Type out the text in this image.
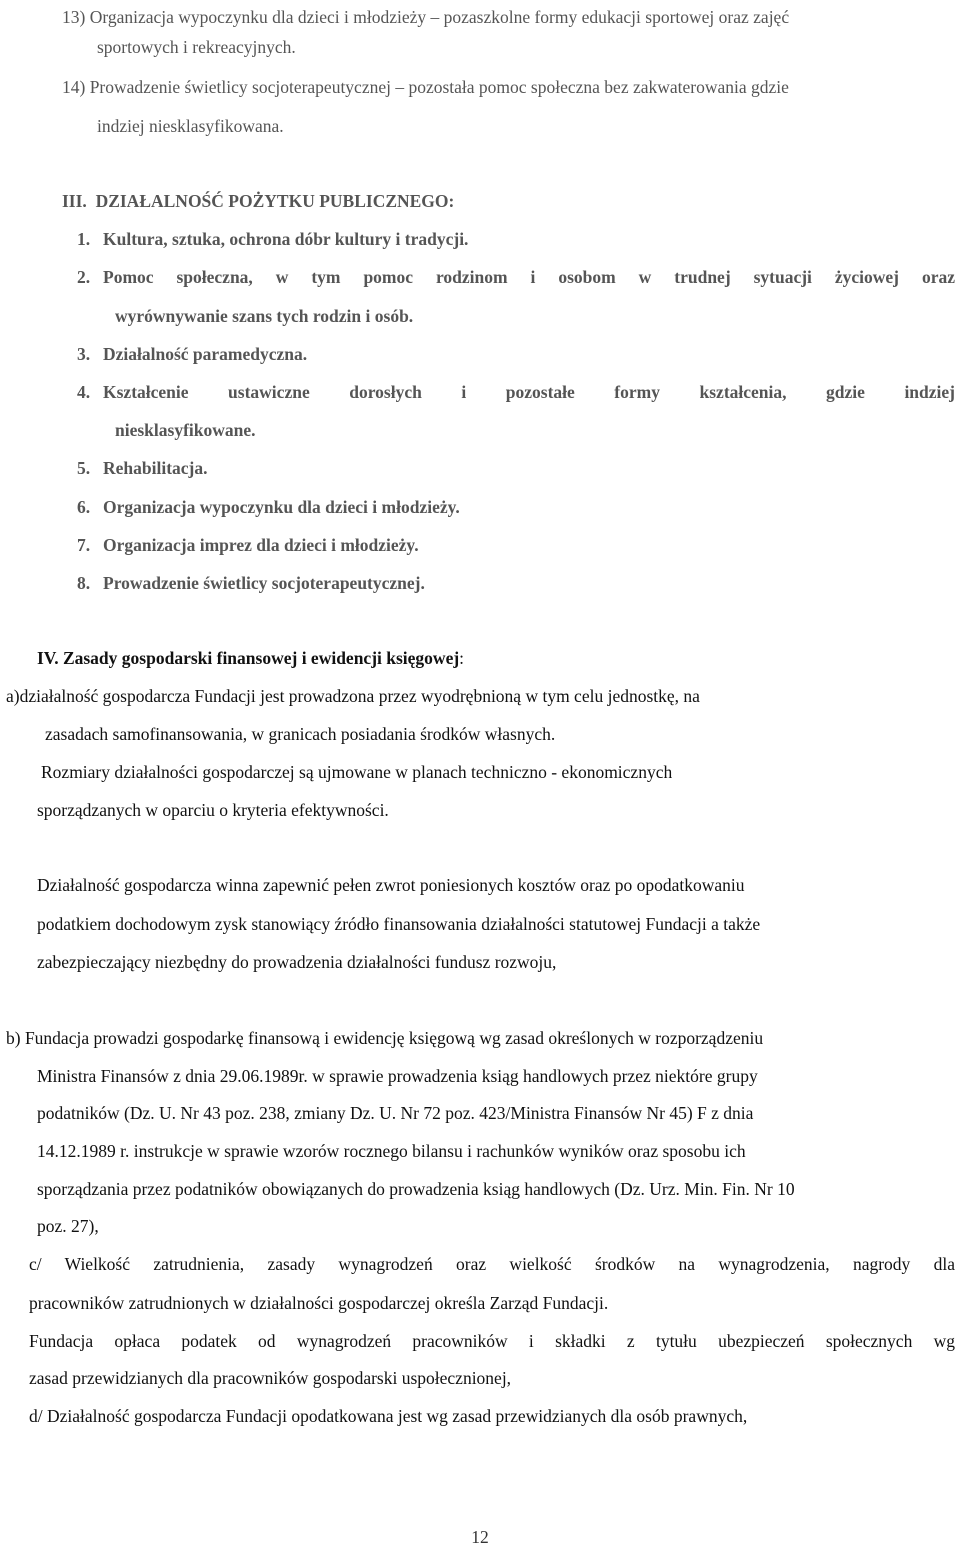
13) Organizacja wypoczynku dla dzieci i młodzieży – pozaszkolne formy edukacji sportowej oraz zajęć
sportowych i rekreacyjnych.
14) Prowadzenie świetlicy socjoterapeutycznej – pozostała pomoc społeczna bez zakwaterowania gdzie
indziej niesklasyfikowana.
III. DZIAŁALNOŚĆ POŻYTKU PUBLICZNEGO:
1. Kultura, sztuka, ochrona dóbr kultury i tradycji.
2. Pomoc społeczna, w tym pomoc rodzinom i osobom w trudnej sytuacji życiowej oraz
wyrównywanie szans tych rodzin i osób.
3. Działalność paramedyczna.
4. Kształcenie ustawiczne dorosłych i pozostałe formy kształcenia, gdzie indziej
niesklasyfikowane.
5. Rehabilitacja.
6. Organizacja wypoczynku dla dzieci i młodzieży.
7. Organizacja imprez dla dzieci i młodzieży.
8. Prowadzenie świetlicy socjoterapeutycznej.
IV. Zasady gospodarski finansowej i ewidencji księgowej:
a)działalność gospodarcza Fundacji jest prowadzona przez wyodrębnioną w tym celu jednostkę, na
zasadach samofinansowania, w granicach posiadania środków własnych.
Rozmiary działalności gospodarczej są ujmowane w planach techniczno - ekonomicznych
sporządzanych w oparciu o kryteria efektywności.
Działalność gospodarcza winna zapewnić pełen zwrot poniesionych kosztów oraz po opodatkowaniu
podatkiem dochodowym zysk stanowiący źródło finansowania działalności statutowej Fundacji a także
zabezpieczający niezbędny do prowadzenia działalności fundusz rozwoju,
b) Fundacja prowadzi gospodarkę finansową i ewidencję księgową wg zasad określonych w rozporządzeniu
Ministra Finansów z dnia 29.06.1989r. w sprawie prowadzenia ksiąg handlowych przez niektóre grupy
podatników (Dz. U. Nr 43 poz. 238, zmiany Dz. U. Nr 72 poz. 423/Ministra Finansów Nr 45) F z dnia
14.12.1989 r. instrukcje w sprawie wzorów rocznego bilansu i rachunków wyników oraz sposobu ich
sporządzania przez podatników obowiązanych do prowadzenia ksiąg handlowych (Dz. Urz. Min. Fin. Nr 10
poz. 27),
c/ Wielkość zatrudnienia, zasady wynagrodzeń oraz wielkość środków na wynagrodzenia, nagrody dla
pracowników zatrudnionych w działalności gospodarczej określa Zarząd Fundacji.
Fundacja opłaca podatek od wynagrodzeń pracowników i składki z tytułu ubezpieczeń społecznych wg
zasad przewidzianych dla pracowników gospodarski uspołecznionej,
d/ Działalność gospodarcza Fundacji opodatkowana jest wg zasad przewidzianych dla osób prawnych,
12
